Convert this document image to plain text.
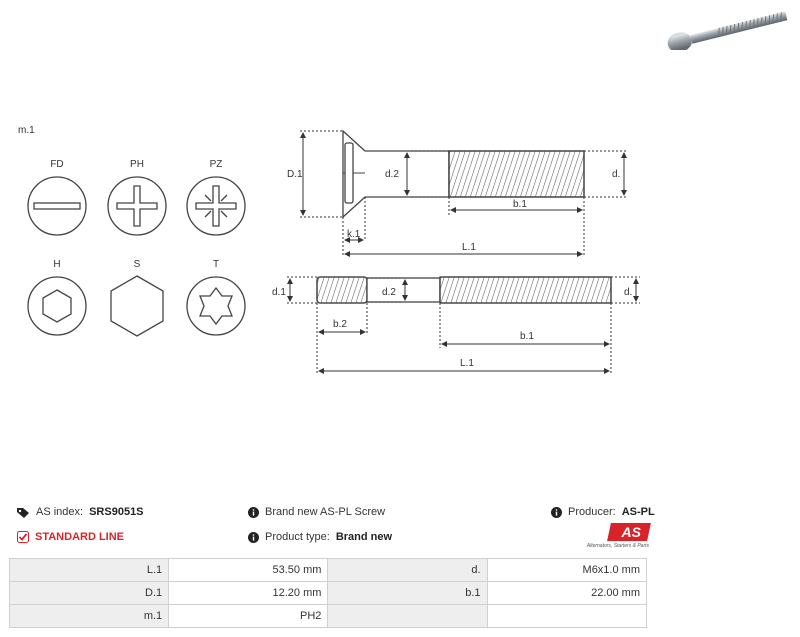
m.1
FD	PH	PZ
H	S	T
D.1	d.2	d.
b.1
k.1
L.1
d.1	d.2	d.
b.2
b.1
L.1
AS index: SRS9051S
STANDARD LINE
Brand new AS-PL Screw
Product type: Brand new
Producer: AS-PL
AS
Alternators, Starters & Parts
L.1	53.50 mm	d.	M6x1.0 mm
D.1	12.20 mm	b.1	22.00 mm
m.1	PH2		
